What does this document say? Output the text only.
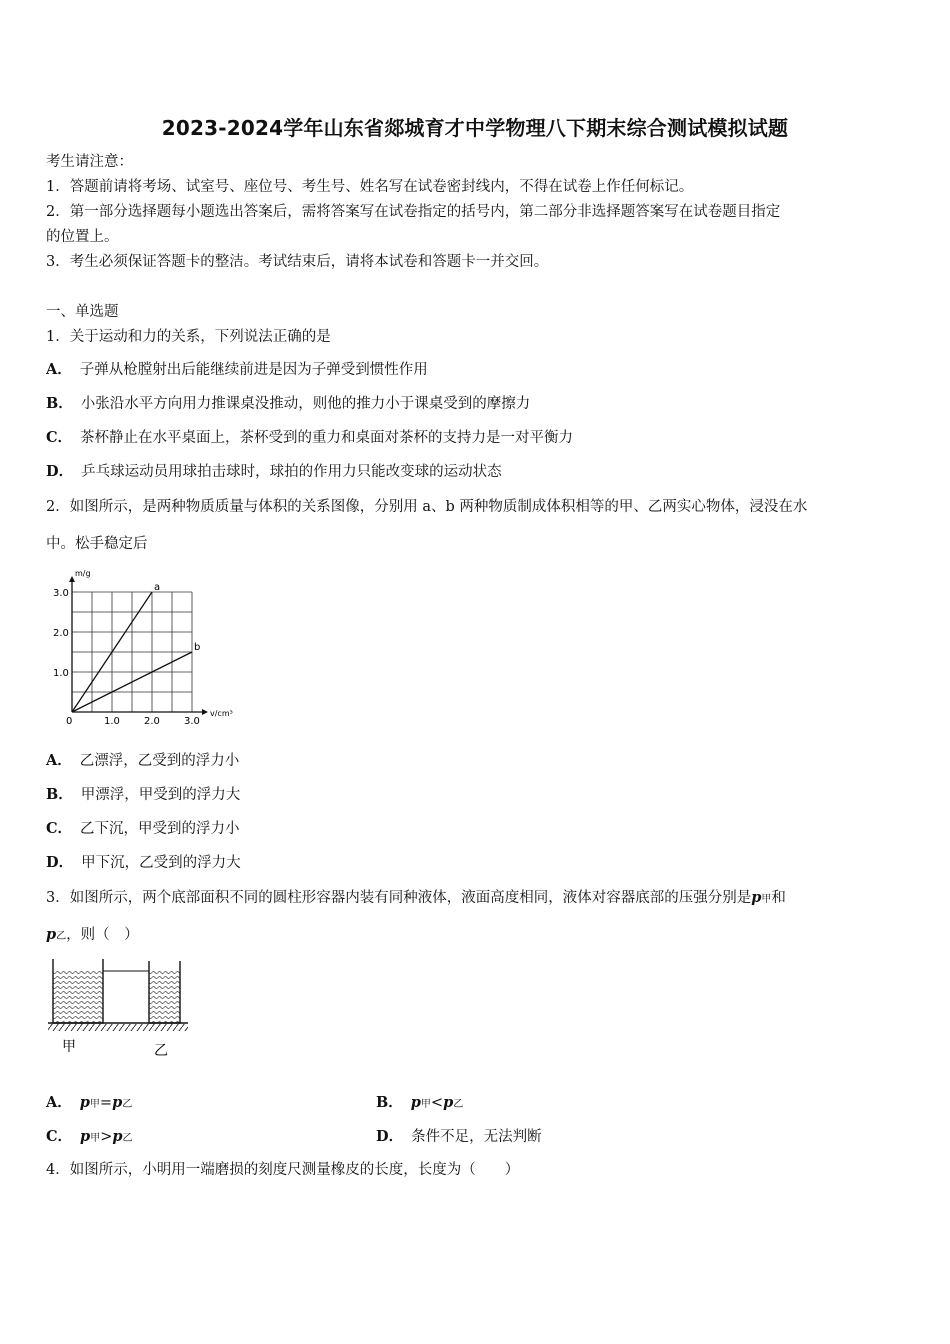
2023-2024学年山东省郯城育才中学物理八下期末综合测试模拟试题
考生请注意：
1．答题前请将考场、试室号、座位号、考生号、姓名写在试卷密封线内，不得在试卷上作任何标记。
2．第一部分选择题每小题选出答案后，需将答案写在试卷指定的括号内，第二部分非选择题答案写在试卷题目指定
的位置上。
3．考生必须保证答题卡的整洁。考试结束后，请将本试卷和答题卡一并交回。
一、单选题
1．关于运动和力的关系，下列说法正确的是
A． 子弹从枪膛射出后能继续前进是因为子弹受到惯性作用
B． 小张沿水平方向用力推课桌没推动，则他的推力小于课桌受到的摩擦力
C． 茶杯静止在水平桌面上，茶杯受到的重力和桌面对茶杯的支持力是一对平衡力
D． 乒乓球运动员用球拍击球时，球拍的作用力只能改变球的运动状态
2．如图所示，是两种物质质量与体积的关系图像，分别用 a、b 两种物质制成体积相等的甲、乙两实心物体，浸没在水
中。松手稳定后
a
b
0	1.0 2.0 3.0
1.0
2.0
3.0
v/cm³
m/g
A． 乙漂浮，乙受到的浮力小
B． 甲漂浮，甲受到的浮力大
C． 乙下沉，甲受到的浮力小
D． 甲下沉，乙受到的浮力大
3．如图所示，两个底部面积不同的圆柱形容器内装有同种液体，液面高度相同，液体对容器底部的压强分别是p甲和
p乙，则（　）
甲	乙
A． p甲=p乙	B． p甲<p乙
C． p甲>p乙	D． 条件不足，无法判断
4．如图所示，小明用一端磨损的刻度尺测量橡皮的长度，长度为（　　）
